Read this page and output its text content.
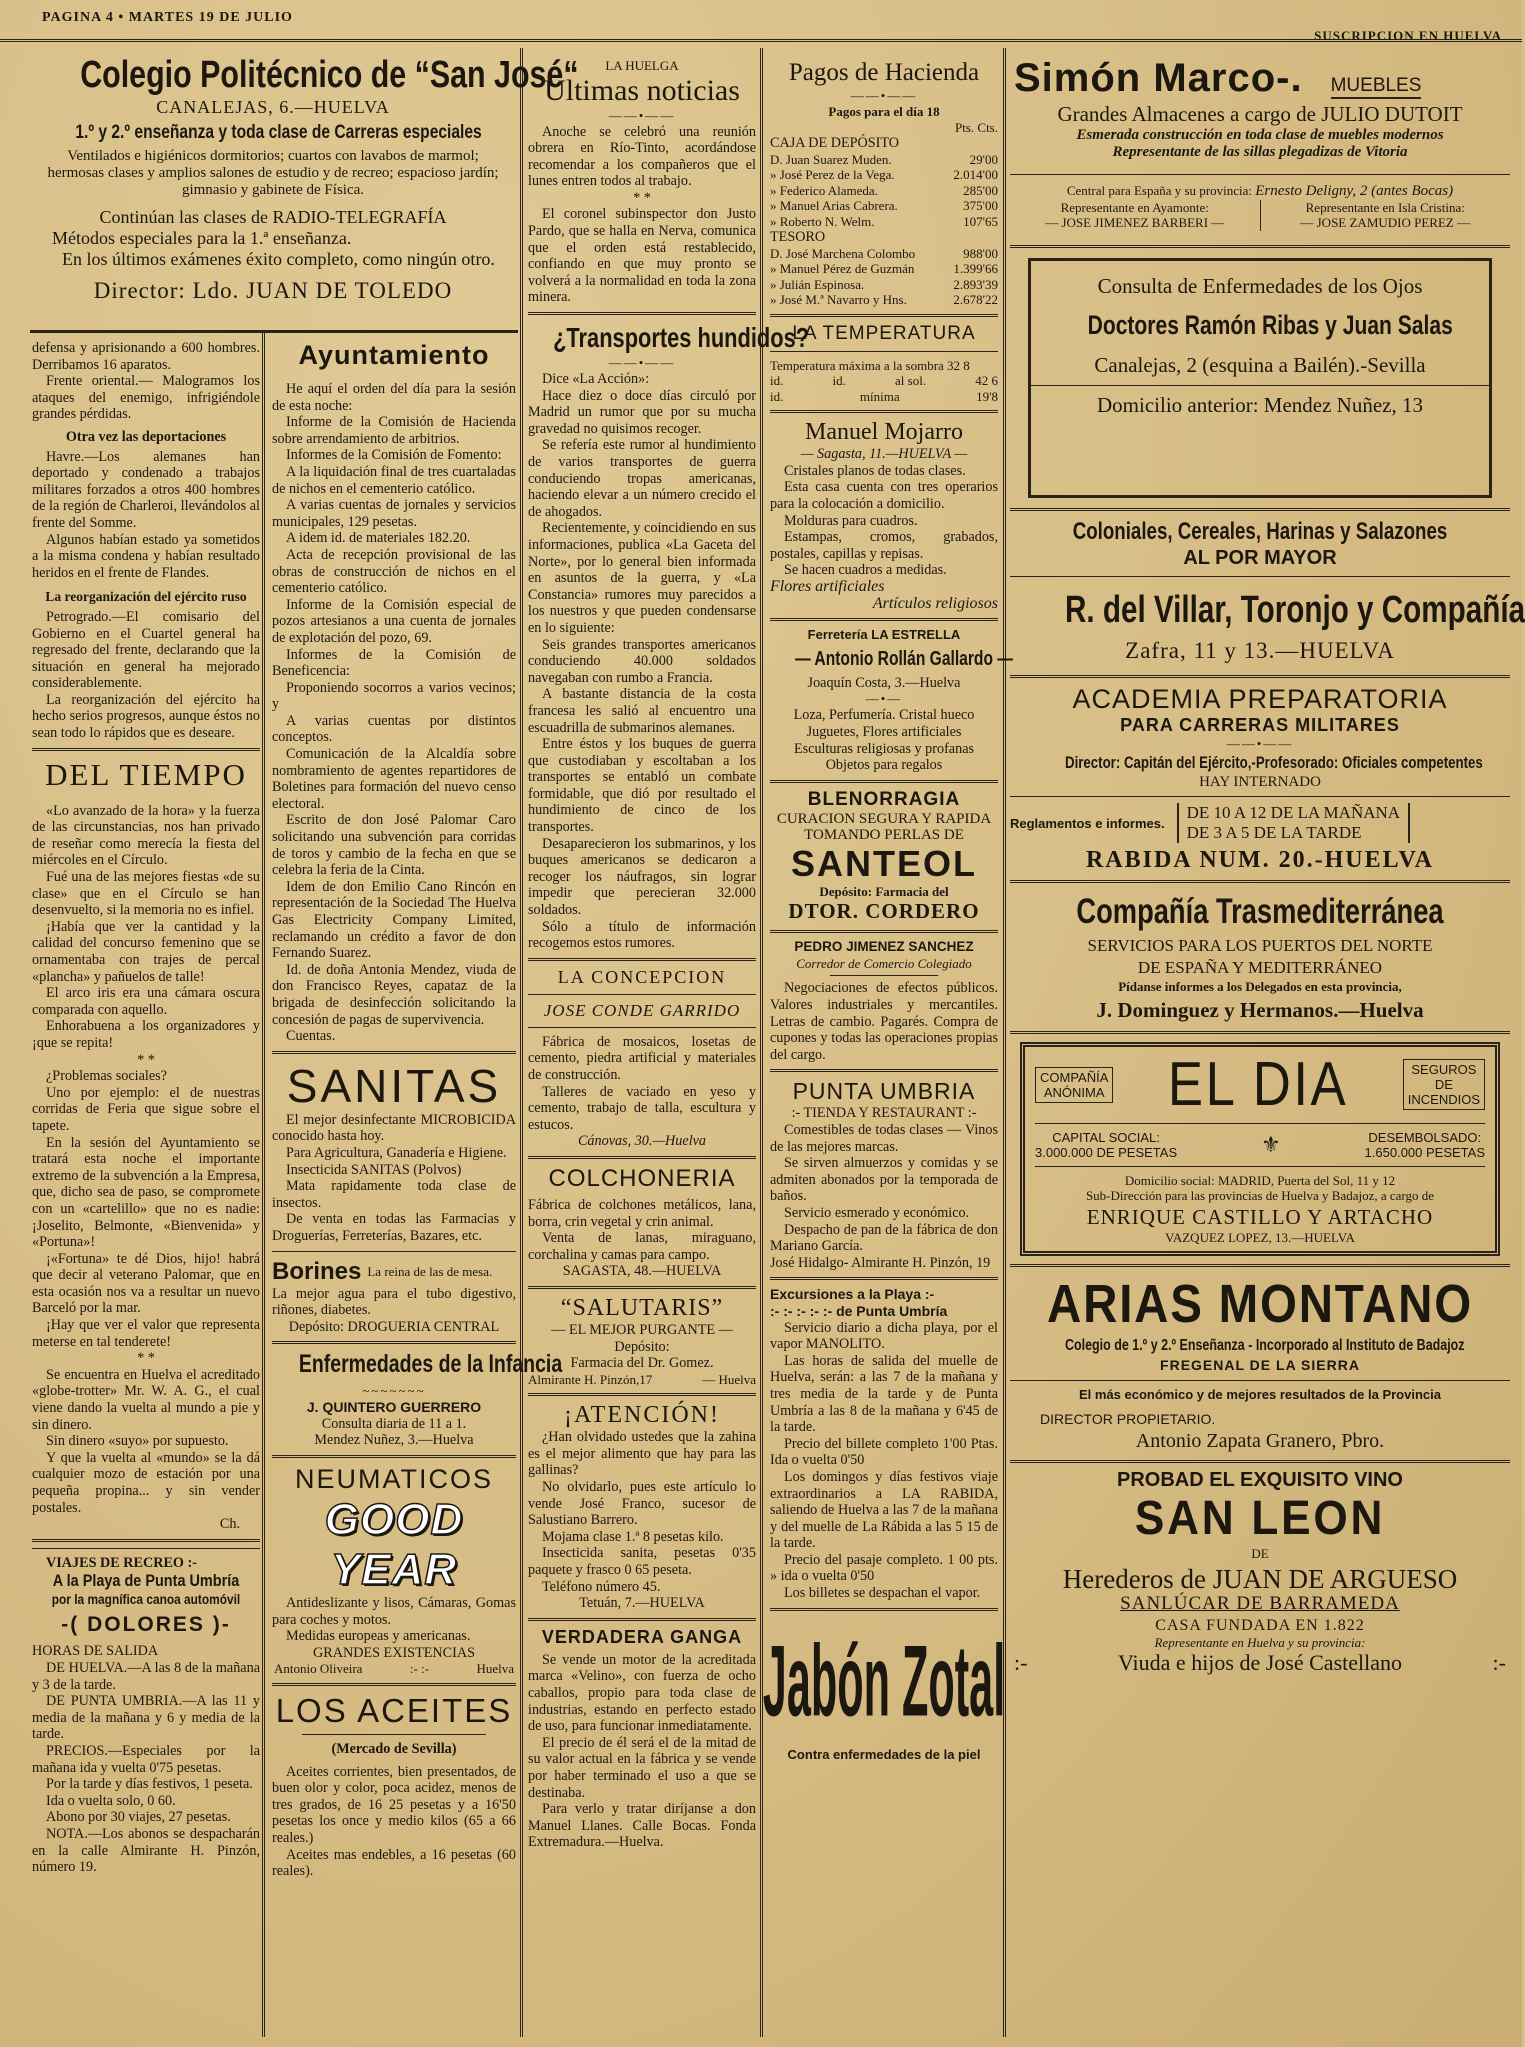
PAGINA 4 • MARTES 19 DE JULIO
SUSCRIPCION EN HUELVA
Colegio Politécnico de “San José“
CANALEJAS, 6.—HUELVA
1.º y 2.º enseñanza y toda clase de Carreras especiales

Ventilados e higiénicos dormitorios; cuartos con lavabos de marmol; hermosas clases y amplios salones de estudio y de recreo; espacioso jardín; gimnasio y gabinete de Física.

Continúan las clases de RADIO-TELEGRAFÍA

Métodos especiales para la 1.ª enseñanza.

En los últimos exámenes éxito completo, como ningún otro.

Director: Ldo. JUAN DE TOLEDO

defensa y aprisionando a 600 hombres. Derribamos 16 aparatos.

Frente oriental.— Malogramos los ataques del enemigo, infrigiéndole grandes pérdidas.

Otra vez las deportaciones

Havre.—Los alemanes han deportado y condenado a trabajos militares forzados a otros 400 hombres de la región de Charleroi, llevándolos al frente del Somme.

Algunos habían estado ya sometidos a la misma condena y habían resultado heridos en el frente de Flandes.

La reorganización del ejército ruso

Petrogrado.—El comisario del Gobierno en el Cuartel general ha regresado del frente, declarando que la situación en general ha mejorado considerablemente.

La reorganización del ejército ha hecho serios progresos, aunque éstos no sean todo lo rápidos que es deseare.

DEL TIEMPO

«Lo avanzado de la hora» y la fuerza de las circunstancias, nos han privado de reseñar como merecía la fiesta del miércoles en el Círculo.

Fué una de las mejores fiestas «de su clase» que en el Círculo se han desenvuelto, si la memoria no es infiel.

¡Había que ver la cantidad y la calidad del concurso femenino que se ornamentaba con trajes de percal «plancha» y pañuelos de talle!

El arco iris era una cámara oscura comparada con aquello.

Enhorabuena a los organizadores y ¡que se repita!

* *

¿Problemas sociales?

Uno por ejemplo: el de nuestras corridas de Feria que sigue sobre el tapete.

En la sesión del Ayuntamiento se tratará esta noche el importante extremo de la subvención a la Empresa, que, dicho sea de paso, se compromete con un «cartelillo» que no es nadie: ¡Joselito, Belmonte, «Bienvenida» y «Portuna»!

¡«Fortuna» te dé Dios, hijo! habrá que decir al veterano Palomar, que en esta ocasión nos va a resultar un nuevo Barceló por la mar.

¡Hay que ver el valor que representa meterse en tal tenderete!

* *

Se encuentra en Huelva el acreditado «globe-trotter» Mr. W. A. G., el cual viene dando la vuelta al mundo a pie y sin dinero.

Sin dinero «suyo» por supuesto.

Y que la vuelta al «mundo» se la dá cualquier mozo de estación por una pequeña propina... y sin vender postales.

Ch.

VIAJES DE RECREO :-

A la Playa de Punta Umbría
por la magnífica canoa automóvil
-( DOLORES )-

HORAS DE SALIDA

DE HUELVA.—A las 8 de la mañana y 3 de la tarde.

DE PUNTA UMBRIA.—A las 11 y media de la mañana y 6 y media de la tarde.

PRECIOS.—Especiales por la mañana ida y vuelta 0'75 pesetas.

Por la tarde y días festivos, 1 peseta.

Ida o vuelta solo, 0 60.

Abono por 30 viajes, 27 pesetas.

NOTA.—Los abonos se despacharán en la calle Almirante H. Pinzón, número 19.

Ayuntamiento

He aquí el orden del día para la sesión de esta noche:

Informe de la Comisión de Hacienda sobre arrendamiento de arbitrios.

Informes de la Comisión de Fomento:

A la liquidación final de tres cuartaladas de nichos en el cementerio católico.

A varias cuentas de jornales y servicios municipales, 129 pesetas.

A idem id. de materiales 182.20.

Acta de recepción provisional de las obras de construcción de nichos en el cementerio católico.

Informe de la Comisión especial de pozos artesianos a una cuenta de jornales de explotación del pozo, 69.

Informes de la Comisión de Beneficencia:

Proponiendo socorros a varios vecinos; y

A varias cuentas por distintos conceptos.

Comunicación de la Alcaldía sobre nombramiento de agentes repartidores de Boletines para formación del nuevo censo electoral.

Escrito de don José Palomar Caro solicitando una subvención para corridas de toros y cambio de la fecha en que se celebra la feria de la Cinta.

Idem de don Emilio Cano Rincón en representación de la Sociedad The Huelva Gas Electricity Company Limited, reclamando un crédito a favor de don Fernando Suarez.

Id. de doña Antonia Mendez, viuda de don Francisco Reyes, capataz de la brigada de desinfección solicitando la concesión de pagas de supervivencia.

Cuentas.

SANITAS

El mejor desinfectante MICROBICIDA conocido hasta hoy.

Para Agricultura, Ganadería e Higiene.

Insecticida SANITAS (Polvos)

Mata rapidamente toda clase de insectos.

De venta en todas las Farmacias y Droguerías, Ferreterías, Bazares, etc.

Borines La reina de las de mesa.

La mejor agua para el tubo digestivo, riñones, diabetes.

Depósito: DROGUERIA CENTRAL

Enfermedades de la Infancia
~~~~~~~

J. QUINTERO GUERRERO

Consulta diaria de 11 a 1.

Mendez Nuñez, 3.—Huelva

NEUMATICOS
GOOD YEAR

Antideslizante y lisos, Cámaras, Gomas para coches y motos.

Medidas europeas y americanas.

GRANDES EXISTENCIAS

Antonio Oliveira	:- :-	Huelva
LOS ACEITES

(Mercado de Sevilla)

Aceites corrientes, bien presentados, de buen olor y color, poca acidez, menos de tres grados, de 16 25 pesetas y a 16'50 pesetas los once y medio kilos (65 a 66 reales.)

Aceites mas endebles, a 16 pesetas (60 reales).

LA HUELGA

Ultimas noticias
——•——

Anoche se celebró una reunión obrera en Río-Tinto, acordándose recomendar a los compañeros que el lunes entren todos al trabajo.

* *

El coronel subinspector don Justo Pardo, que se halla en Nerva, comunica que el orden está restablecido, confiando en que muy pronto se volverá a la normalidad en toda la zona minera.

¿Transportes hundidos?
——•——

Dice «La Acción»:

Hace diez o doce días circuló por Madrid un rumor que por su mucha gravedad no quisimos recoger.

Se refería este rumor al hundimiento de varios transportes de guerra conduciendo tropas americanas, haciendo elevar a un número crecido el de ahogados.

Recientemente, y coincidiendo en sus informaciones, publica «La Gaceta del Norte», por lo general bien informada en asuntos de la guerra, y «La Constancia» rumores muy parecidos a los nuestros y que pueden condensarse en lo siguiente:

Seis grandes transportes americanos conduciendo 40.000 soldados navegaban con rumbo a Francia.

A bastante distancia de la costa francesa les salió al encuentro una escuadrilla de submarinos alemanes.

Entre éstos y los buques de guerra que custodiaban y escoltaban a los transportes se entabló un combate formidable, que dió por resultado el hundimiento de cinco de los transportes.

Desaparecieron los submarinos, y los buques americanos se dedicaron a recoger los náufragos, sin lograr impedir que perecieran 32.000 soldados.

Sólo a título de información recogemos estos rumores.

LA CONCEPCION
JOSE CONDE GARRIDO

Fábrica de mosaicos, losetas de cemento, piedra artificial y materiales de construcción.

Talleres de vaciado en yeso y cemento, trabajo de talla, escultura y estucos.

Cánovas, 30.—Huelva

COLCHONERIA

Fábrica de colchones metálicos, lana, borra, crin vegetal y crin animal.

Venta de lanas, miraguano, corchalina y camas para campo.

SAGASTA, 48.—HUELVA

“SALUTARIS”

— EL MEJOR PURGANTE —

Depósito:

Farmacia del Dr. Gomez.

Almirante H. Pinzón,17	— Huelva
¡ATENCIÓN!

¿Han olvidado ustedes que la zahina es el mejor alimento que hay para las gallinas?

No olvidarlo, pues este artículo lo vende José Franco, sucesor de Salustiano Barrero.

Mojama clase 1.ª 8 pesetas kilo.

Insecticida sanita, pesetas 0'35 paquete y frasco 0 65 peseta.

Teléfono número 45.

Tetuán, 7.—HUELVA

VERDADERA GANGA

Se vende un motor de la acreditada marca «Velino», con fuerza de ocho caballos, propio para toda clase de industrias, estando en perfecto estado de uso, para funcionar inmediatamente.

El precio de él será el de la mitad de su valor actual en la fábrica y se vende por haber terminado el uso a que se destinaba.

Para verlo y tratar diríjanse a don Manuel Llanes. Calle Bocas. Fonda Extremadura.—Huelva.

Pagos de Hacienda
——•——

Pagos para el día 18

Pts. Cts.

CAJA DE DEPÓSITO

D. Juan Suarez Muden.	29'00
» José Perez de la Vega.	2.014'00
» Federico Alameda.	285'00
» Manuel Arias Cabrera.	375'00
» Roberto N. Welm.	107'65

TESORO

D. José Marchena Colombo	988'00
» Manuel Pérez de Guzmán	1.399'66
» Julián Espinosa.	2.893'39
» José M.ª Navarro y Hns.	2.678'22
LA TEMPERATURA

Temperatura máxima a la sombra 32 8

id.	id.	al sol.	42 6
id.	mínima	19'8
Manuel Mojarro

— Sagasta, 11.—HUELVA —

Cristales planos de todas clases.

Esta casa cuenta con tres operarios para la colocación a domicilio.

Molduras para cuadros.

Estampas, cromos, grabados, postales, capillas y repisas.

Se hacen cuadros a medidas.

Flores artificiales

Artículos religiosos

Ferretería LA ESTRELLA

— Antonio Rollán Gallardo —

Joaquín Costa, 3.—Huelva

—•—

Loza, Perfumería. Cristal hueco

Juguetes, Flores artificiales

Esculturas religiosas y profanas

Objetos para regalos

BLENORRAGIA

CURACION SEGURA Y RAPIDA

TOMANDO PERLAS DE

SANTEOL

Depósito: Farmacia del

DTOR. CORDERO

PEDRO JIMENEZ SANCHEZ

Corredor de Comercio Colegiado

Negociaciones de efectos públicos. Valores industriales y mercantiles. Letras de cambio. Pagarés. Compra de cupones y todas las operaciones propias del cargo.

PUNTA UMBRIA

:- TIENDA Y RESTAURANT :-

Comestibles de todas clases — Vinos de las mejores marcas.

Se sirven almuerzos y comidas y se admiten abonados por la temporada de baños.

Servicio esmerado y económico.

Despacho de pan de la fábrica de don Mariano García.

José Hidalgo- Almirante H. Pinzón, 19

Excursiones a la Playa :-

:- :- :- :- :- de Punta Umbría

Servicio diario a dicha playa, por el vapor MANOLITO.

Las horas de salida del muelle de Huelva, serán: a las 7 de la mañana y tres media de la tarde y de Punta Umbría a las 8 de la mañana y 6'45 de la tarde.

Precio del billete completo 1'00 Ptas. Ida o vuelta 0'50

Los domingos y días festivos viaje extraordinarios a LA RABIDA, saliendo de Huelva a las 7 de la mañana y del muelle de La Rábida a las 5 15 de la tarde.

Precio del pasaje completo. 1 00 pts. » ida o vuelta 0'50

Los billetes se despachan el vapor.

Jabón Zotal

Contra enfermedades de la piel

Simón Marco-. MUEBLES

Grandes Almacenes a cargo de JULIO DUTOIT

Esmerada construcción en toda clase de muebles modernos

Representante de las sillas plegadizas de Vitoria

Central para España y su provincia: Ernesto Deligny, 2 (antes Bocas)

Representante en Ayamonte:
— JOSE JIMENEZ BARBERI —
Representante en Isla Cristina:
— JOSE ZAMUDIO PEREZ —

Consulta de Enfermedades de los Ojos

Doctores Ramón Ribas y Juan Salas

Canalejas, 2 (esquina a Bailén).-Sevilla

Domicilio anterior: Mendez Nuñez, 13

Coloniales, Cereales, Harinas y Salazones
AL POR MAYOR
R. del Villar, Toronjo y Compañía

Zafra, 11 y 13.—HUELVA

ACADEMIA PREPARATORIA
PARA CARRERAS MILITARES
——•——
Director: Capitán del Ejército,-Profesorado: Oficiales competentes

HAY INTERNADO

Reglamentos e informes.
DE 10 A 12 DE LA MAÑANA
DE 3 A 5 DE LA TARDE
RABIDA NUM. 20.-HUELVA
Compañía Trasmediterránea

SERVICIOS PARA LOS PUERTOS DEL NORTE

DE ESPAÑA Y MEDITERRÁNEO

Pídanse informes a los Delegados en esta provincia,

J. Dominguez y Hermanos.—Huelva

COMPAÑÍA
ANÓNIMA EL DIA	SEGUROS
DE
INCENDIOS
CAPITAL SOCIAL:
3.000.000 DE PESETAS	⚜	DESEMBOLSADO:
1.650.000 PESETAS

Domicilio social: MADRID, Puerta del Sol, 11 y 12

Sub-Dirección para las provincias de Huelva y Badajoz, a cargo de

ENRIQUE CASTILLO Y ARTACHO

VAZQUEZ LOPEZ, 13.—HUELVA

ARIAS MONTANO
Colegio de 1.º y 2.º Enseñanza - Incorporado al Instituto de Badajoz

FREGENAL DE LA SIERRA

El más económico y de mejores resultados de la Provincia

DIRECTOR PROPIETARIO.

Antonio Zapata Granero, Pbro.

PROBAD EL EXQUISITO VINO
SAN LEON

DE

Herederos de JUAN DE ARGUESO

SANLÚCAR DE BARRAMEDA

CASA FUNDADA EN 1.822

Representante en Huelva y su provincia:

:-	Viuda e hijos de José Castellano	:-
